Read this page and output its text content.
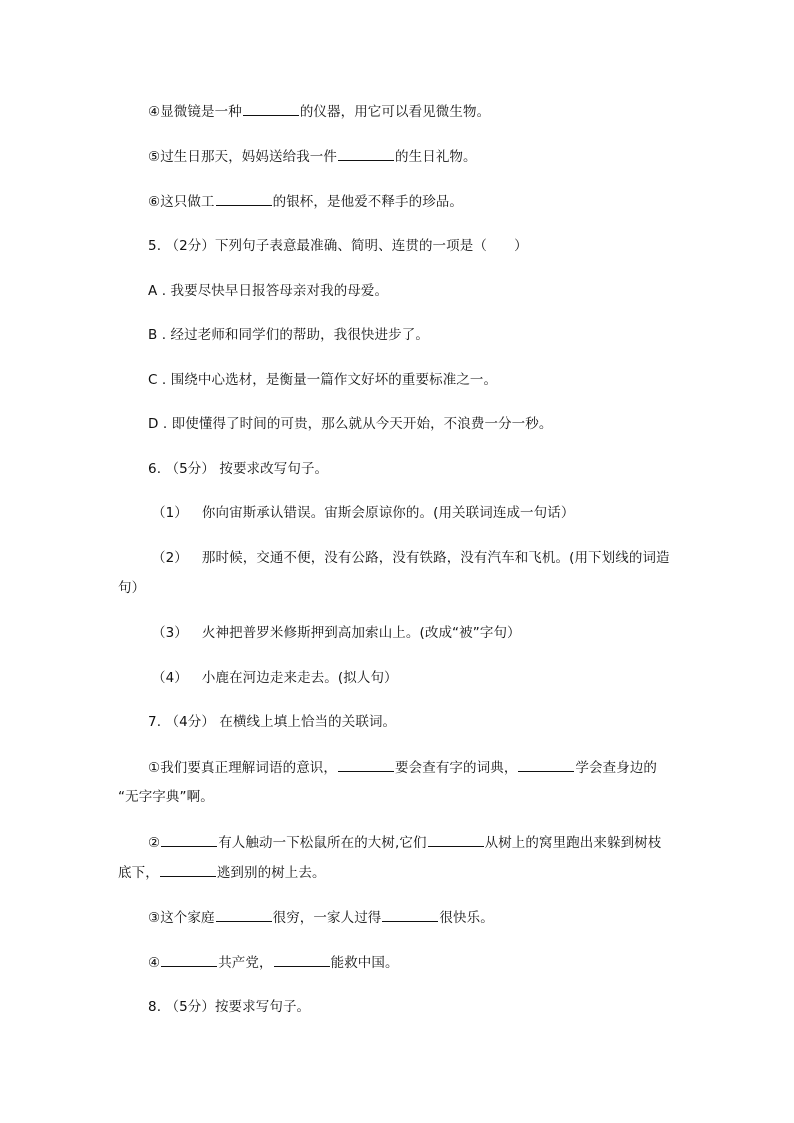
④显微镜是一种	的仪器，用它可以看见微生物。
⑤过生日那天，妈妈送给我一件	的生日礼物。
⑥这只做工	的银杯，是他爱不释手的珍品。
5. （2分）下列句子表意最准确、简明、连贯的一项是（　　）
A . 我要尽快早日报答母亲对我的母爱。
B . 经过老师和同学们的帮助，我很快进步了。
C . 围绕中心选材，是衡量一篇作文好坏的重要标准之一。
D . 即使懂得了时间的可贵，那么就从今天开始，不浪费一分一秒。
6. （5分） 按要求改写句子。
（1） 你向宙斯承认错误。宙斯会原谅你的。(用关联词连成一句话）
（2） 那时候，交通不便，没有公路，没有铁路，没有汽车和飞机。(用下划线的词造
句）
（3） 火神把普罗米修斯押到高加索山上。(改成“被”字句）
（4） 小鹿在河边走来走去。(拟人句）
7. （4分） 在横线上填上恰当的关联词。
①我们要真正理解词语的意识，	要会查有字的词典，	学会查身边的
“无字字典”啊。
②	有人触动一下松鼠所在的大树,它们	从树上的窝里跑出来躲到树枝
底下，	逃到别的树上去。
③这个家庭	很穷，一家人过得	很快乐。
④	共产党，	能救中国。
8. （5分）按要求写句子。
